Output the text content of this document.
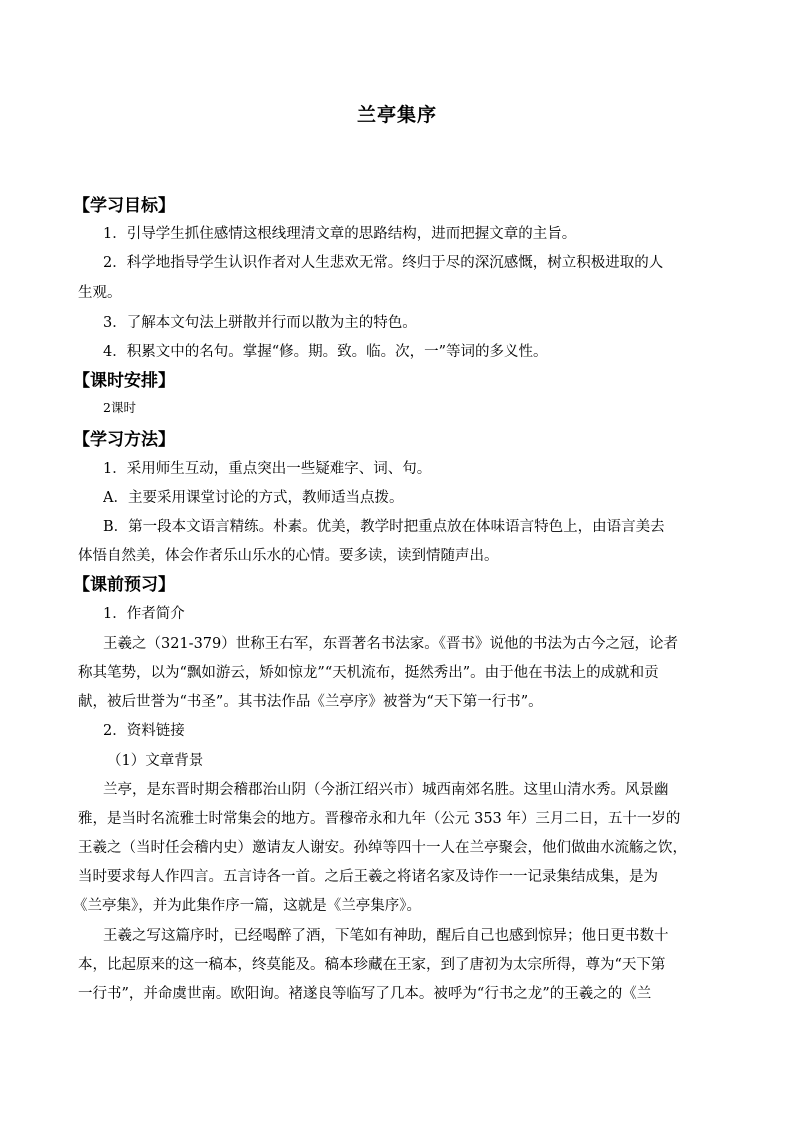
兰亭集序
【学习目标】
1．引导学生抓住感情这根线理清文章的思路结构，进而把握文章的主旨。
2．科学地指导学生认识作者对人生悲欢无常。终归于尽的深沉感慨，树立积极进取的人
生观。
3．了解本文句法上骈散并行而以散为主的特色。
4．积累文中的名句。掌握“修。期。致。临。次，一”等词的多义性。
【课时安排】
2课时
【学习方法】
1．采用师生互动，重点突出一些疑难字、词、句。
A．主要采用课堂讨论的方式，教师适当点拨。
B．第一段本文语言精练。朴素。优美，教学时把重点放在体味语言特色上，由语言美去
体悟自然美，体会作者乐山乐水的心情。要多读，读到情随声出。
【课前预习】
1．作者简介
王羲之（321-379）世称王右军，东晋著名书法家。《晋书》说他的书法为古今之冠，论者
称其笔势，以为“飘如游云，矫如惊龙”“天机流布，挺然秀出”。由于他在书法上的成就和贡
献，被后世誉为“书圣”。其书法作品《兰亭序》被誉为“天下第一行书”。
2．资料链接
（1）文章背景
兰亭，是东晋时期会稽郡治山阴（今浙江绍兴市）城西南郊名胜。这里山清水秀。风景幽
雅，是当时名流雅士时常集会的地方。晋穆帝永和九年（公元 353 年）三月二日，五十一岁的
王羲之（当时任会稽内史）邀请友人谢安。孙绰等四十一人在兰亭聚会，他们做曲水流觞之饮，
当时要求每人作四言。五言诗各一首。之后王羲之将诸名家及诗作一一记录集结成集，是为
《兰亭集》，并为此集作序一篇，这就是《兰亭集序》。
王羲之写这篇序时，已经喝醉了酒，下笔如有神助，醒后自己也感到惊异；他日更书数十
本，比起原来的这一稿本，终莫能及。稿本珍藏在王家，到了唐初为太宗所得，尊为“天下第
一行书”，并命虞世南。欧阳询。褚遂良等临写了几本。被呼为“行书之龙”的王羲之的《兰
